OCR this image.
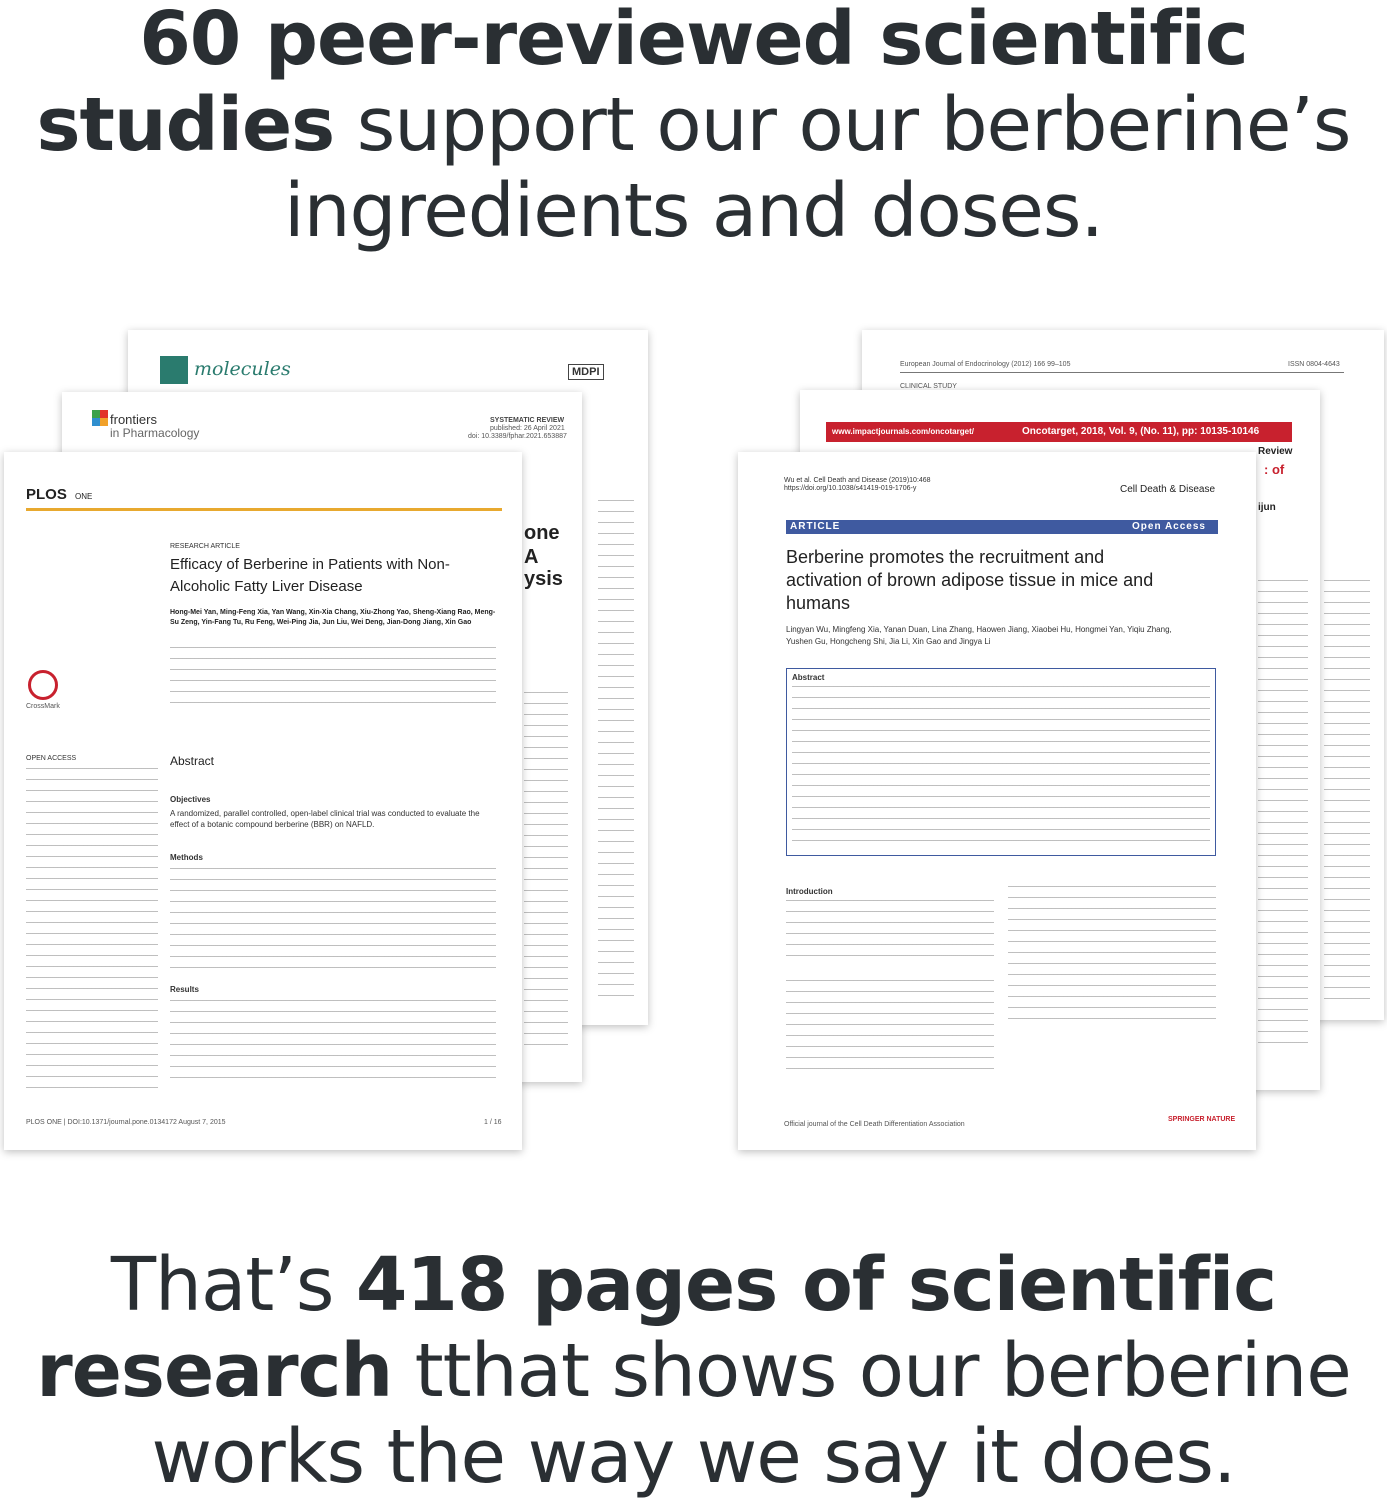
60 peer-reviewed scientific
studies support our our berberine’s
ingredients and doses.
molecules	MDPI
frontiers
in Pharmacology
SYSTEMATIC REVIEW
published: 26 April 2021
doi: 10.3389/fphar.2021.653887
one
A
ysis
PLOS ONE
RESEARCH ARTICLE
Efficacy of Berberine in Patients with Non-Alcoholic Fatty Liver Disease
Hong-Mei Yan, Ming-Feng Xia, Yan Wang, Xin-Xia Chang, Xiu-Zhong Yao, Sheng-Xiang Rao, Meng-Su Zeng, Yin-Fang Tu, Ru Feng, Wei-Ping Jia, Jun Liu, Wei Deng, Jian-Dong Jiang, Xin Gao
CrossMark
OPEN ACCESS	Abstract
Objectives
A randomized, parallel controlled, open-label clinical trial was conducted to evaluate the effect of a botanic compound berberine (BBR) on NAFLD.
Methods
Results
PLOS ONE | DOI:10.1371/journal.pone.0134172 August 7, 2015	1 / 16
European Journal of Endocrinology (2012) 166 99–105	ISSN 0804-4643
CLINICAL STUDY
www.impactjournals.com/oncotarget/	Oncotarget, 2018, Vol. 9, (No. 11), pp: 10135-10146
Review
: of
ijun
Wu et al. Cell Death and Disease (2019)10:468
https://doi.org/10.1038/s41419-019-1706-y	Cell Death & Disease
ARTICLE	Open Access
Berberine promotes the recruitment and activation of brown adipose tissue in mice and humans
Lingyan Wu, Mingfeng Xia, Yanan Duan, Lina Zhang, Haowen Jiang, Xiaobei Hu, Hongmei Yan, Yiqiu Zhang, Yushen Gu, Hongcheng Shi, Jia Li, Xin Gao and Jingya Li
Abstract
Introduction
Official journal of the Cell Death Differentiation Association
SPRINGER NATURE
That’s 418 pages of scientific
research tthat shows our berberine
works the way we say it does.
